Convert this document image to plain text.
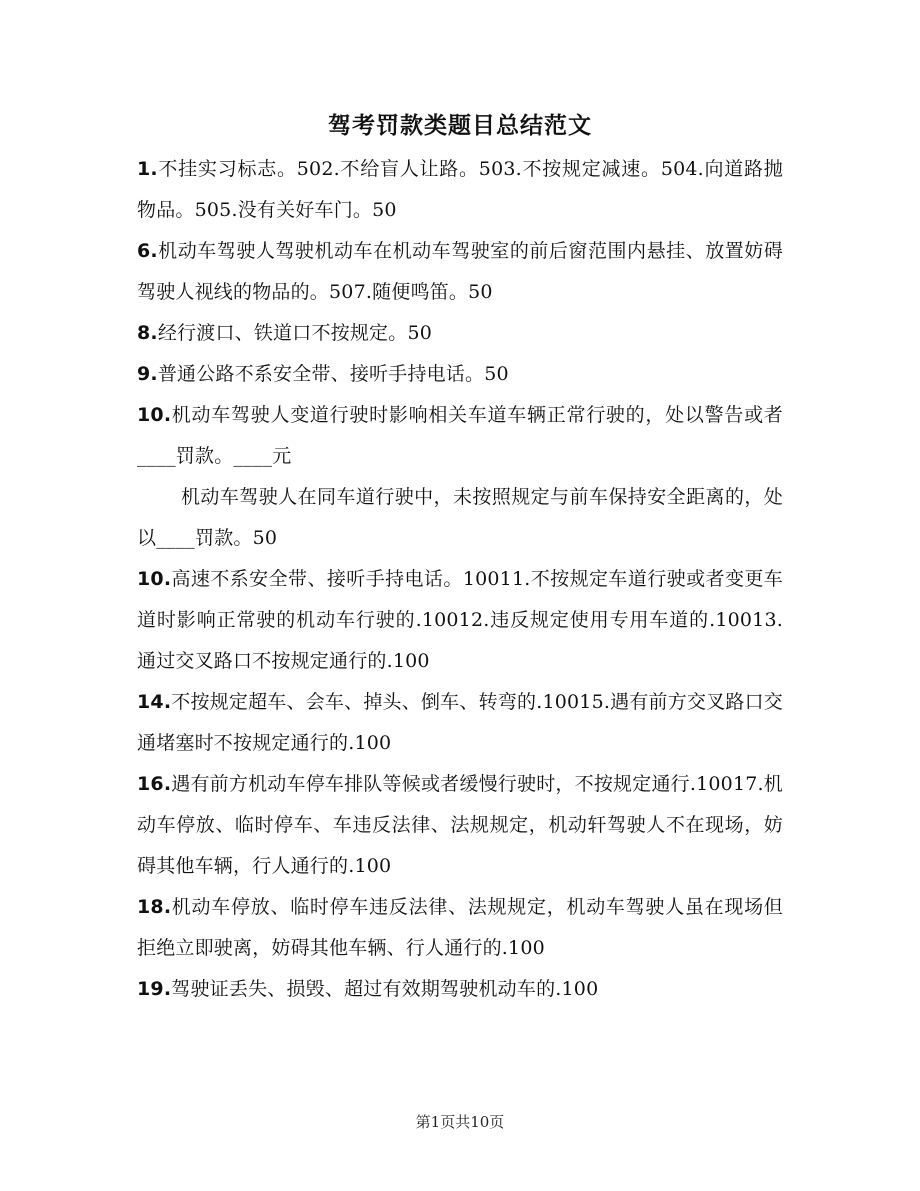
驾考罚款类题目总结范文

1.不挂实习标志。502.不给盲人让路。503.不按规定减速。504.向道路抛物品。505.没有关好车门。50

6.机动车驾驶人驾驶机动车在机动车驾驶室的前后窗范围内悬挂、放置妨碍驾驶人视线的物品的。507.随便鸣笛。50

8.经行渡口、铁道口不按规定。50

9.普通公路不系安全带、接听手持电话。50

10.机动车驾驶人变道行驶时影响相关车道车辆正常行驶的，处以警告或者____罚款。____元

机动车驾驶人在同车道行驶中，未按照规定与前车保持安全距离的，处以____罚款。50

10.高速不系安全带、接听手持电话。10011.不按规定车道行驶或者变更车道时影响正常驶的机动车行驶的.10012.违反规定使用专用车道的.10013.通过交叉路口不按规定通行的.100

14.不按规定超车、会车、掉头、倒车、转弯的.10015.遇有前方交叉路口交通堵塞时不按规定通行的.100

16.遇有前方机动车停车排队等候或者缓慢行驶时，不按规定通行.10017.机动车停放、临时停车、车违反法律、法规规定，机动轩驾驶人不在现场，妨碍其他车辆，行人通行的.100

18.机动车停放、临时停车违反法律、法规规定，机动车驾驶人虽在现场但拒绝立即驶离，妨碍其他车辆、行人通行的.100

19.驾驶证丢失、损毁、超过有效期驾驶机动车的.100

第1页共10页
